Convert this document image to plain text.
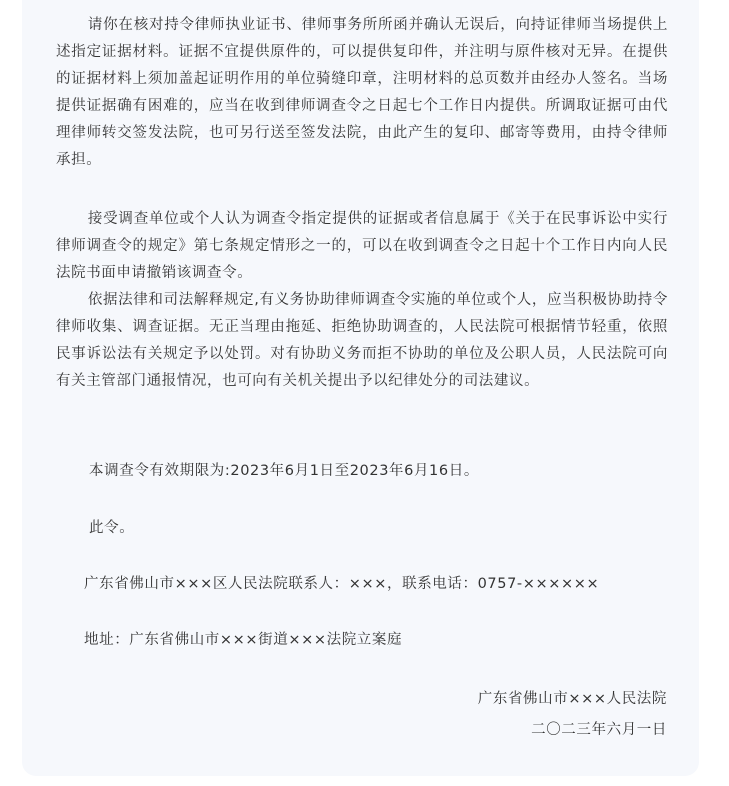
请你在核对持令律师执业证书、律师事务所所函并确认无误后，向持证律师当场提供上述指定证据材料。证据不宜提供原件的，可以提供复印件，并注明与原件核对无异。在提供的证据材料上须加盖起证明作用的单位骑缝印章，注明材料的总页数并由经办人签名。当场提供证据确有困难的，应当在收到律师调查令之日起七个工作日内提供。所调取证据可由代理律师转交签发法院，也可另行送至签发法院，由此产生的复印、邮寄等费用，由持令律师承担。

接受调查单位或个人认为调查令指定提供的证据或者信息属于《关于在民事诉讼中实行律师调查令的规定》第七条规定情形之一的，可以在收到调查令之日起十个工作日内向人民法院书面申请撤销该调查令。

依据法律和司法解释规定,有义务协助律师调查令实施的单位或个人，应当积极协助持令律师收集、调查证据。无正当理由拖延、拒绝协助调查的，人民法院可根据情节轻重，依照民事诉讼法有关规定予以处罚。对有协助义务而拒不协助的单位及公职人员，人民法院可向有关主管部门通报情况，也可向有关机关提出予以纪律处分的司法建议。

本调查令有效期限为:2023年6月1日至2023年6月16日。

此令。

广东省佛山市×××区人民法院联系人：×××，联系电话：0757-××××××

地址：广东省佛山市×××街道×××法院立案庭

广东省佛山市×××人民法院

二〇二三年六月一日
